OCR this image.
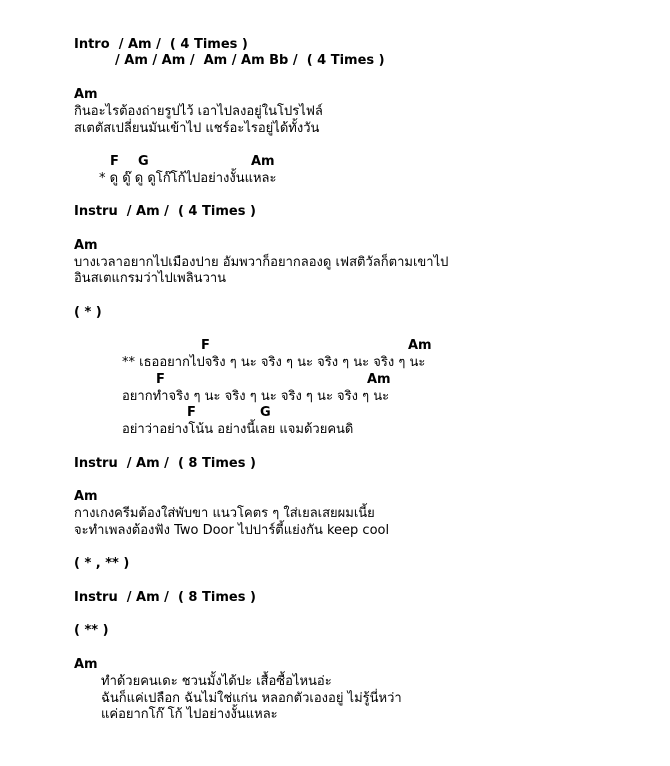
Intro  / Am /  ( 4 Times )
/ Am / Am /  Am / Am Bb /  ( 4 Times )
Am
กินอะไรต้องถ่ายรูปไว้ เอาไปลงอยู่ในโปรไฟล์
สเตตัสเปลี่ยนมันเข้าไป แชร์อะไรอยู่ได้ทั้งวัน
F G	Am
* ดู ดู๊ ดู ดูโก๊โก้ไปอย่างงั้นแหละ
Instru  / Am /  ( 4 Times )
Am
บางเวลาอยากไปเมืองปาย อัมพวาก็อยากลองดู เฟสติวัลก็ตามเขาไป
อินสเตแกรมว่าไปเพลินวาน
( * )
F	Am
** เธออยากไปจริง ๆ นะ จริง ๆ นะ จริง ๆ นะ จริง ๆ นะ
F	Am
อยากทำจริง ๆ นะ จริง ๆ นะ จริง ๆ นะ จริง ๆ นะ
F	G
อย่าว่าอย่างโน้น อย่างนี้เลย แจมด้วยคนดิ
Instru  / Am /  ( 8 Times )
Am
กางเกงครีมต้องใส่พับขา แนวโคตร ๆ ใส่เยลเสยผมเนี้ย
จะทำเพลงต้องฟัง Two Door ไปปาร์ตี้แย่งกัน keep cool
( * , ** )
Instru  / Am /  ( 8 Times )
( ** )
Am
ทำด้วยคนเดะ ชวนมั้งได้ปะ เสื้อซื้อไหนอ่ะ
ฉันก็แค่เปลือก ฉันไม่ใช่แก่น หลอกตัวเองอยู่ ไม่รู้นี่หว่า
แค่อยากโก๊ โก้ ไปอย่างงั้นแหละ
